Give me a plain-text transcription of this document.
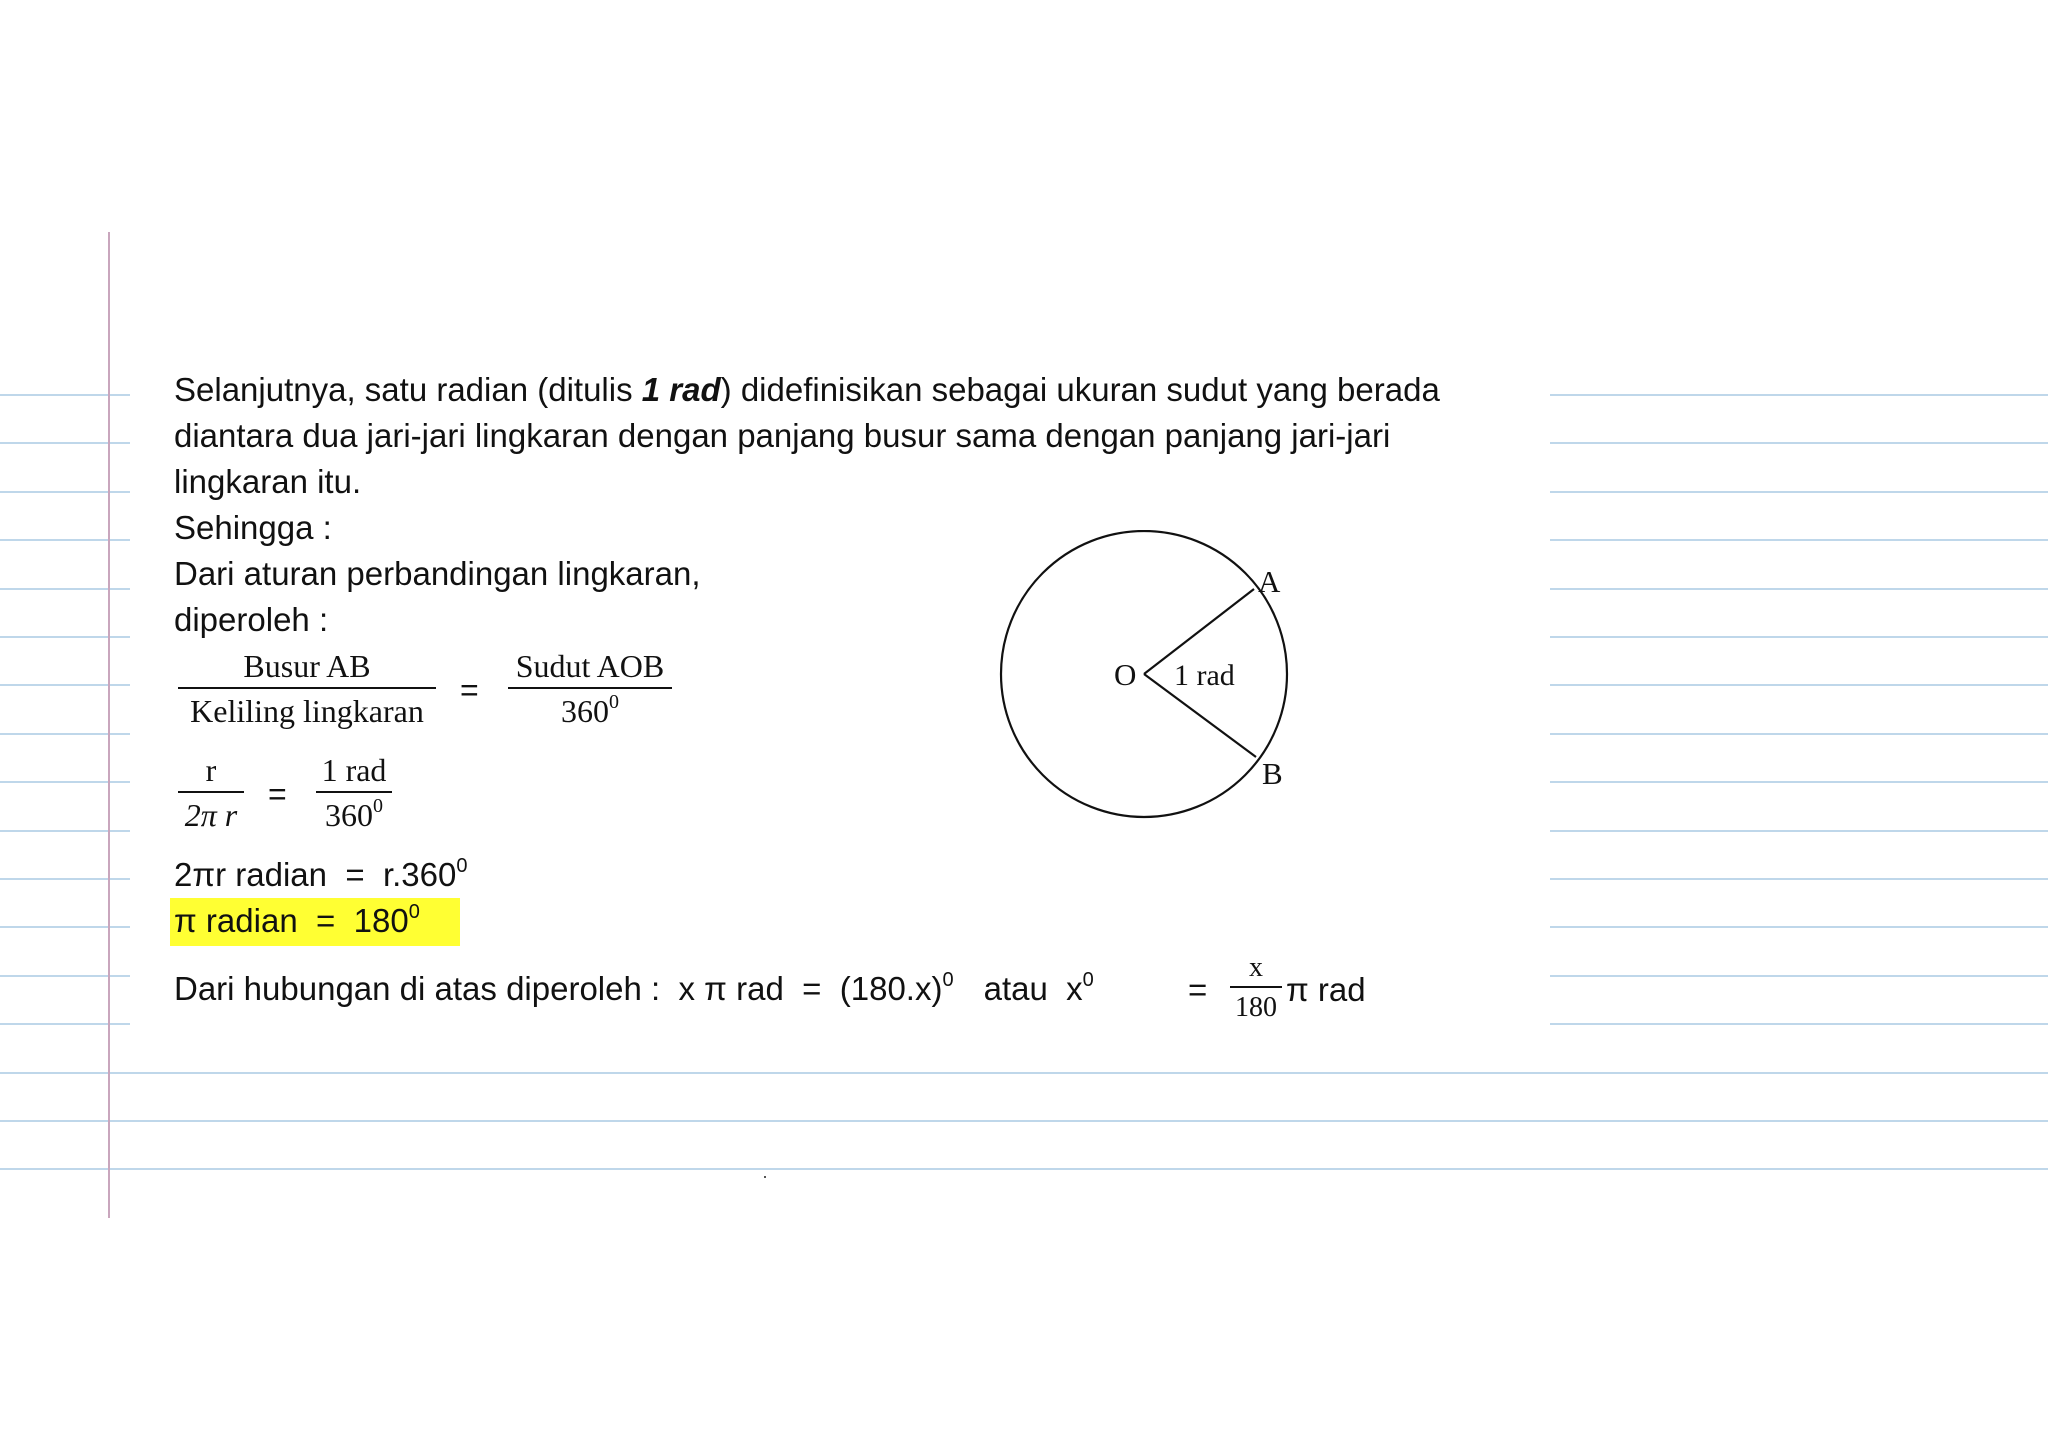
Selanjutnya, satu radian (ditulis 1 rad) didefinisikan sebagai ukuran sudut yang berada
diantara dua jari-jari lingkaran dengan panjang busur sama dengan panjang jari-jari
lingkaran itu.
Sehingga :
Dari aturan perbandingan lingkaran,
diperoleh :
Busur AB
Keliling lingkaran
=
Sudut AOB
$360^0$
r
2π r
=
1 rad
$360^0$
2πr radian  =  r.360$^0$
π radian  =  $180^0$
Dari hubungan di atas diperoleh :  x π rad  =  $(180.x)^0$ atau  $x^0$	=
x
180 π rad
O
A
B
1 rad
